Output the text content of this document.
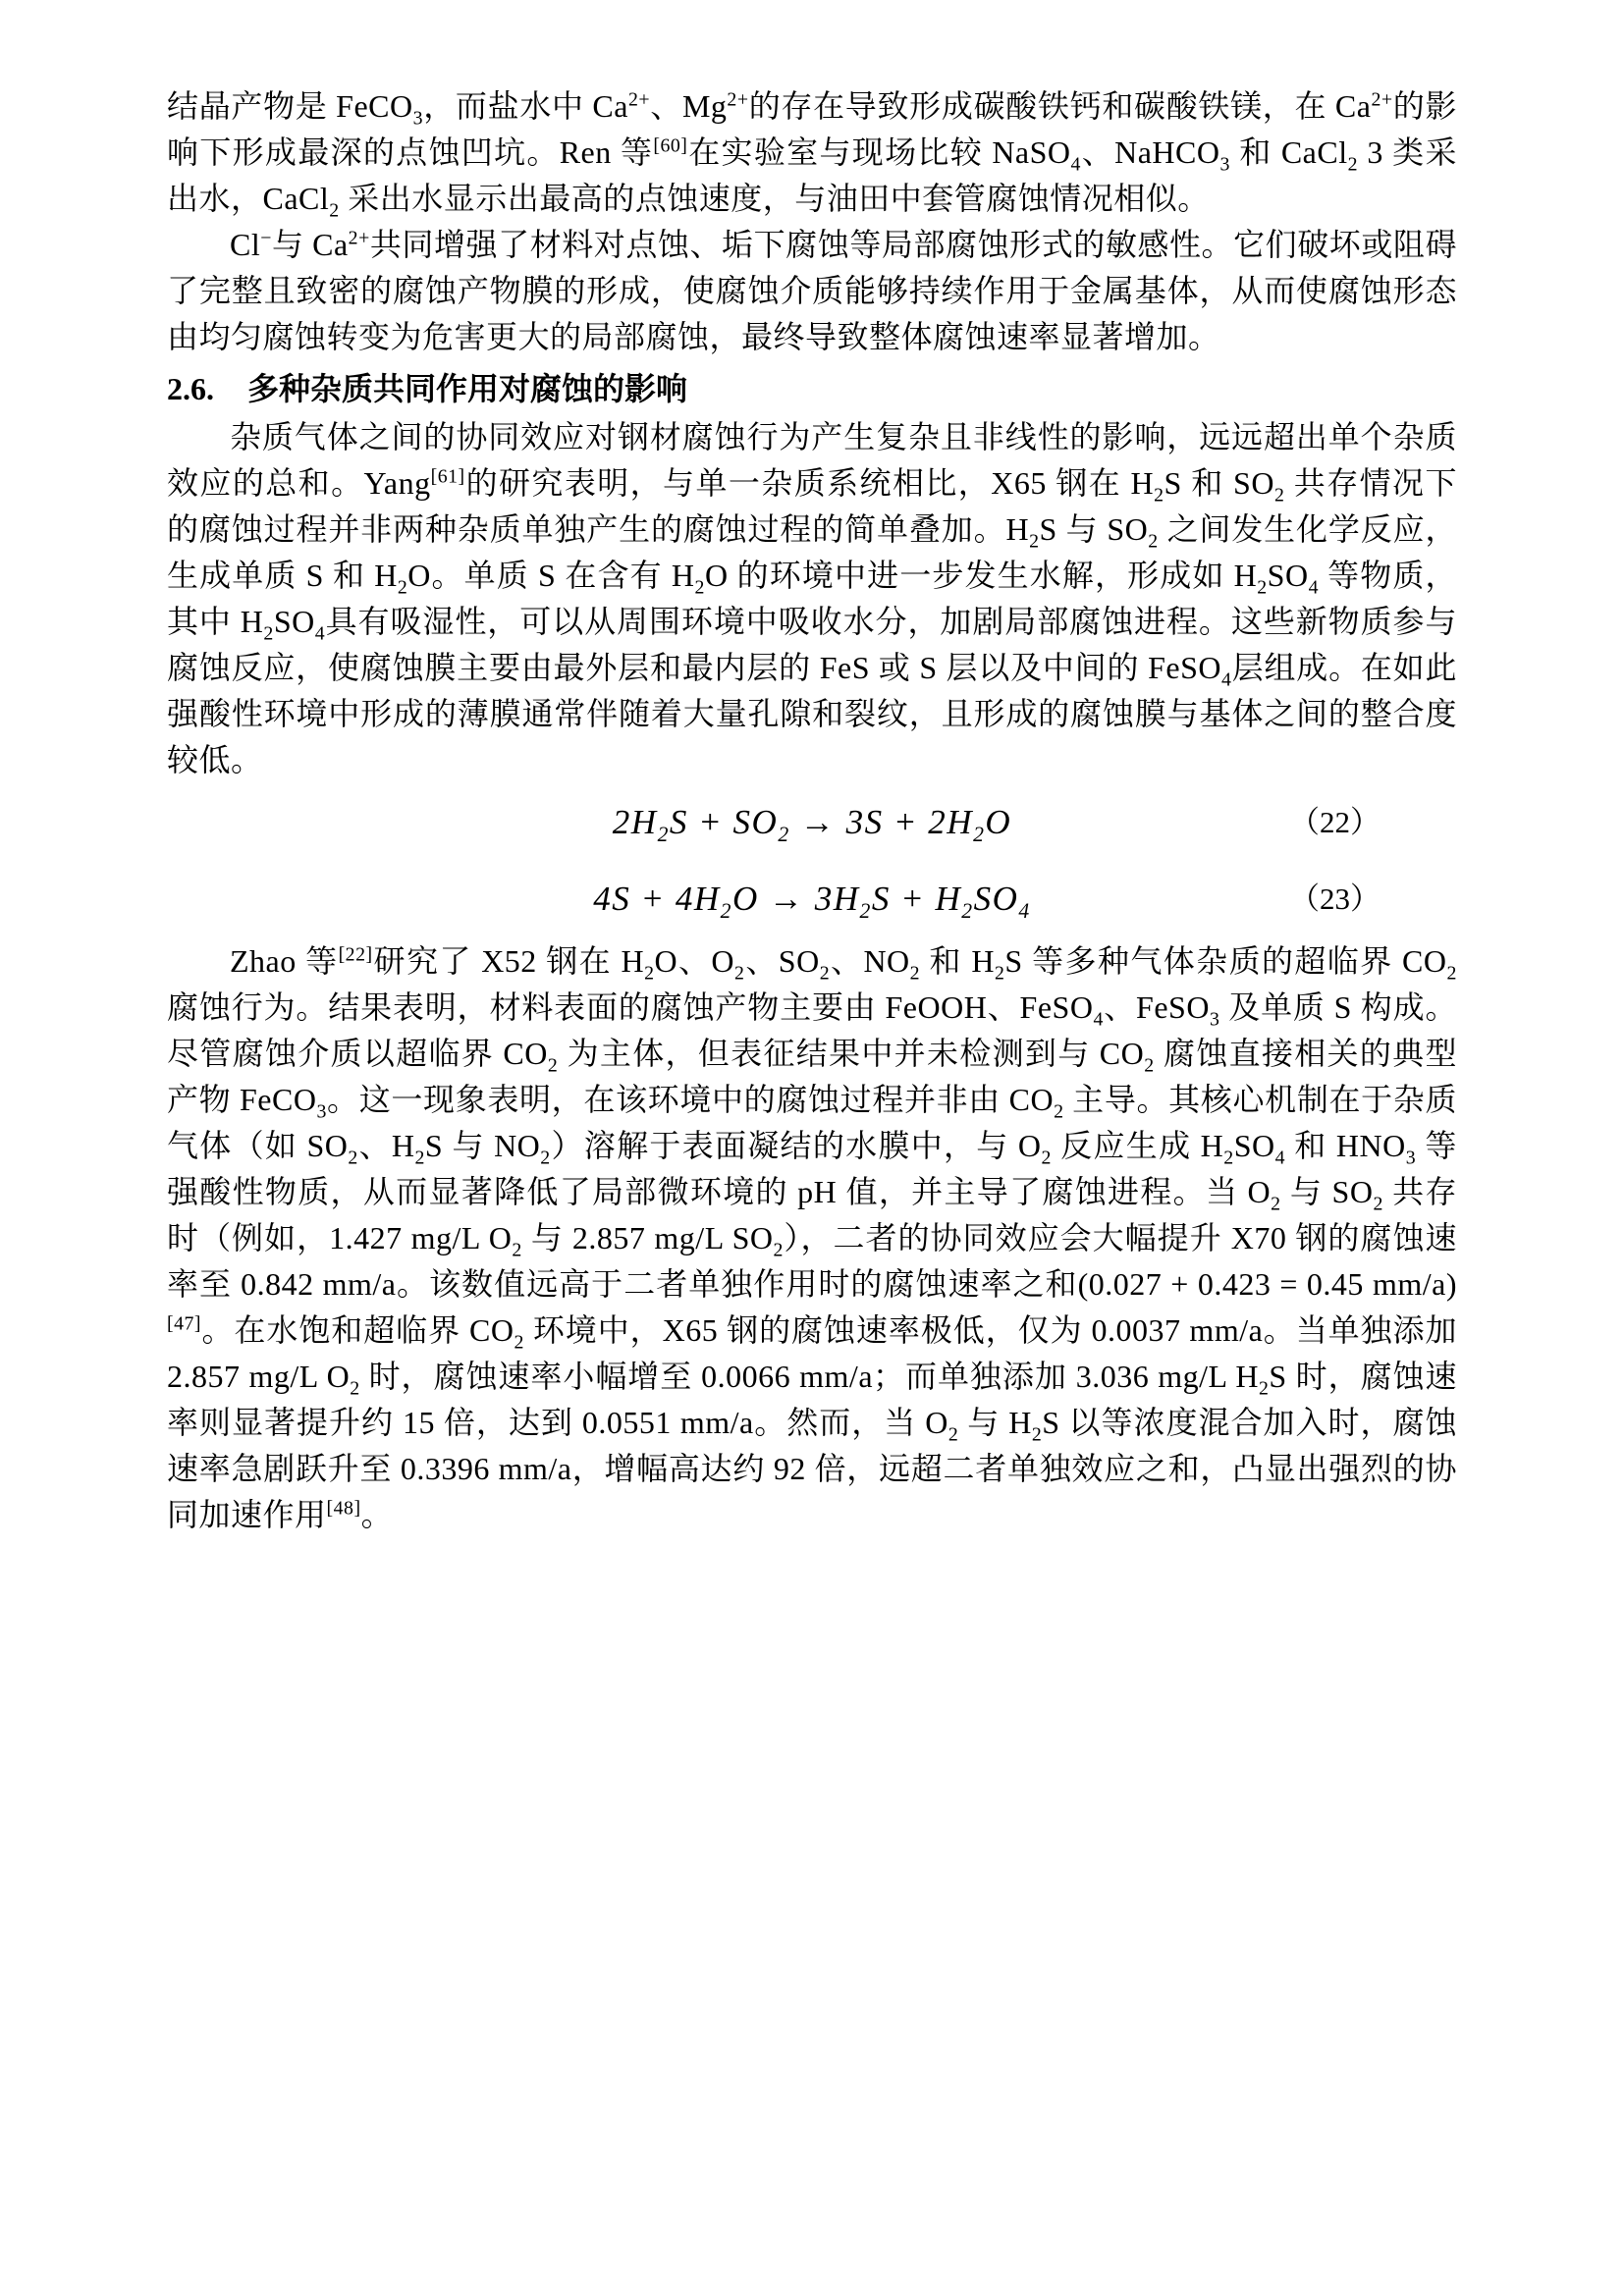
结晶产物是 FeCO$_3$，而盐水中 $Ca^{2+}$、$Mg^{2+}$的存在导致形成碳酸铁钙和碳酸铁镁，在 $Ca^{2+}$的影响下形成最深的点蚀凹坑。Ren 等[60]在实验室与现场比较 NaSO$_4$、NaHCO$_3$ 和 CaCl$_2$ 3 类采出水，CaCl$_2$ 采出水显示出最高的点蚀速度，与油田中套管腐蚀情况相似。

Cl−与 $Ca^{2+}$共同增强了材料对点蚀、垢下腐蚀等局部腐蚀形式的敏感性。它们破坏或阻碍了完整且致密的腐蚀产物膜的形成，使腐蚀介质能够持续作用于金属基体，从而使腐蚀形态由均匀腐蚀转变为危害更大的局部腐蚀，最终导致整体腐蚀速率显著增加。

2.6. 多种杂质共同作用对腐蚀的影响

杂质气体之间的协同效应对钢材腐蚀行为产生复杂且非线性的影响，远远超出单个杂质效应的总和。Yang[61]的研究表明，与单一杂质系统相比，X65 钢在 $H_2S$ 和 $SO_2$ 共存情况下的腐蚀过程并非两种杂质单独产生的腐蚀过程的简单叠加。$H_2S$ 与 $SO_2$ 之间发生化学反应，生成单质 S 和 $H_2O$。单质 S 在含有 $H_2O$ 的环境中进一步发生水解，形成如 $H_2SO_4$ 等物质，其中 $H_2SO_4$具有吸湿性，可以从周围环境中吸收水分，加剧局部腐蚀进程。这些新物质参与腐蚀反应，使腐蚀膜主要由最外层和最内层的 FeS 或 S 层以及中间的 FeSO$_4$层组成。在如此强酸性环境中形成的薄膜通常伴随着大量孔隙和裂纹，且形成的腐蚀膜与基体之间的整合度较低。

$2H_2S + SO_2 \to 3S + 2H_2O$	（22）
$4S + 4H_2O \to 3H_2S + H_2SO_4$	（23）

Zhao 等[22]研究了 X52 钢在 $H_2O$、$O_2$、$SO_2$、$NO_2$ 和 $H_2S$ 等多种气体杂质的超临界 $CO_2$ 腐蚀行为。结果表明，材料表面的腐蚀产物主要由 FeOOH、FeSO$_4$、FeSO$_3$ 及单质 S 构成。尽管腐蚀介质以超临界 $CO_2$ 为主体，但表征结果中并未检测到与 $CO_2$ 腐蚀直接相关的典型产物 FeCO$_3$。这一现象表明，在该环境中的腐蚀过程并非由 $CO_2$ 主导。其核心机制在于杂质气体（如 $SO_2$、$H_2S$ 与 $NO_2$）溶解于表面凝结的水膜中，与 $O_2$ 反应生成 $H_2SO_4$ 和 $HNO_3$ 等强酸性物质，从而显著降低了局部微环境的 pH 值，并主导了腐蚀进程。当 $O_2$ 与 $SO_2$ 共存时（例如，1.427 mg/L $O_2$ 与 2.857 mg/L $SO_2$），二者的协同效应会大幅提升 X70 钢的腐蚀速率至 0.842 mm/a。该数值远高于二者单独作用时的腐蚀速率之和(0.027 + 0.423 = 0.45 mm/a)[47]。在水饱和超临界 $CO_2$ 环境中，X65 钢的腐蚀速率极低，仅为 0.0037 mm/a。当单独添加 2.857 mg/L $O_2$ 时，腐蚀速率小幅增至 0.0066 mm/a；而单独添加 3.036 mg/L $H_2S$ 时，腐蚀速率则显著提升约 15 倍，达到 0.0551 mm/a。然而，当 $O_2$ 与 $H_2S$ 以等浓度混合加入时，腐蚀速率急剧跃升至 0.3396 mm/a，增幅高达约 92 倍，远超二者单独效应之和，凸显出强烈的协同加速作用[48]。
